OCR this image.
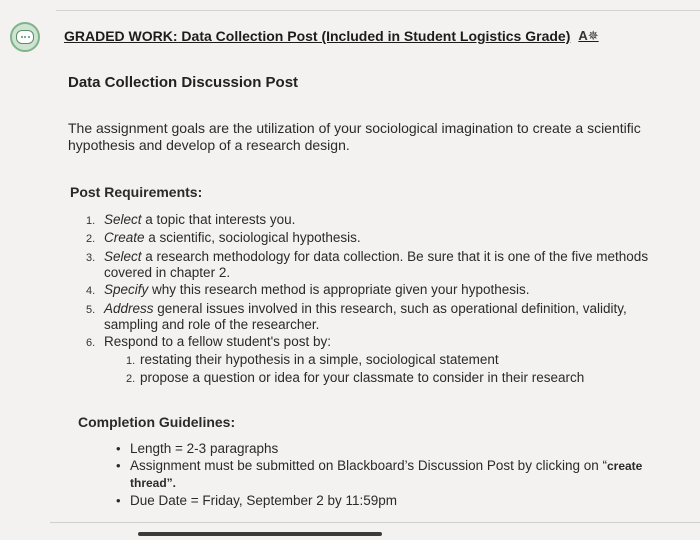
GRADED WORK: Data Collection Post (Included in Student Logistics Grade) A✵
Data Collection Discussion Post
The assignment goals are the utilization of your sociological imagination to create a scientific hypothesis and develop of a research design.
Post Requirements:
1. Select a topic that interests you.
2. Create a scientific, sociological hypothesis.
3. Select a research methodology for data collection. Be sure that it is one of the five methods covered in chapter 2.
4. Specify why this research method is appropriate given your hypothesis.
5. Address general issues involved in this research, such as operational definition, validity, sampling and role of the researcher.
6. Respond to a fellow student's post by:
1. restating their hypothesis in a simple, sociological statement
2. propose a question or idea for your classmate to consider in their research
Completion Guidelines:
• Length = 2-3 paragraphs
• Assignment must be submitted on Blackboard’s Discussion Post by clicking on “create thread”.
• Due Date = Friday, September 2 by 11:59pm
